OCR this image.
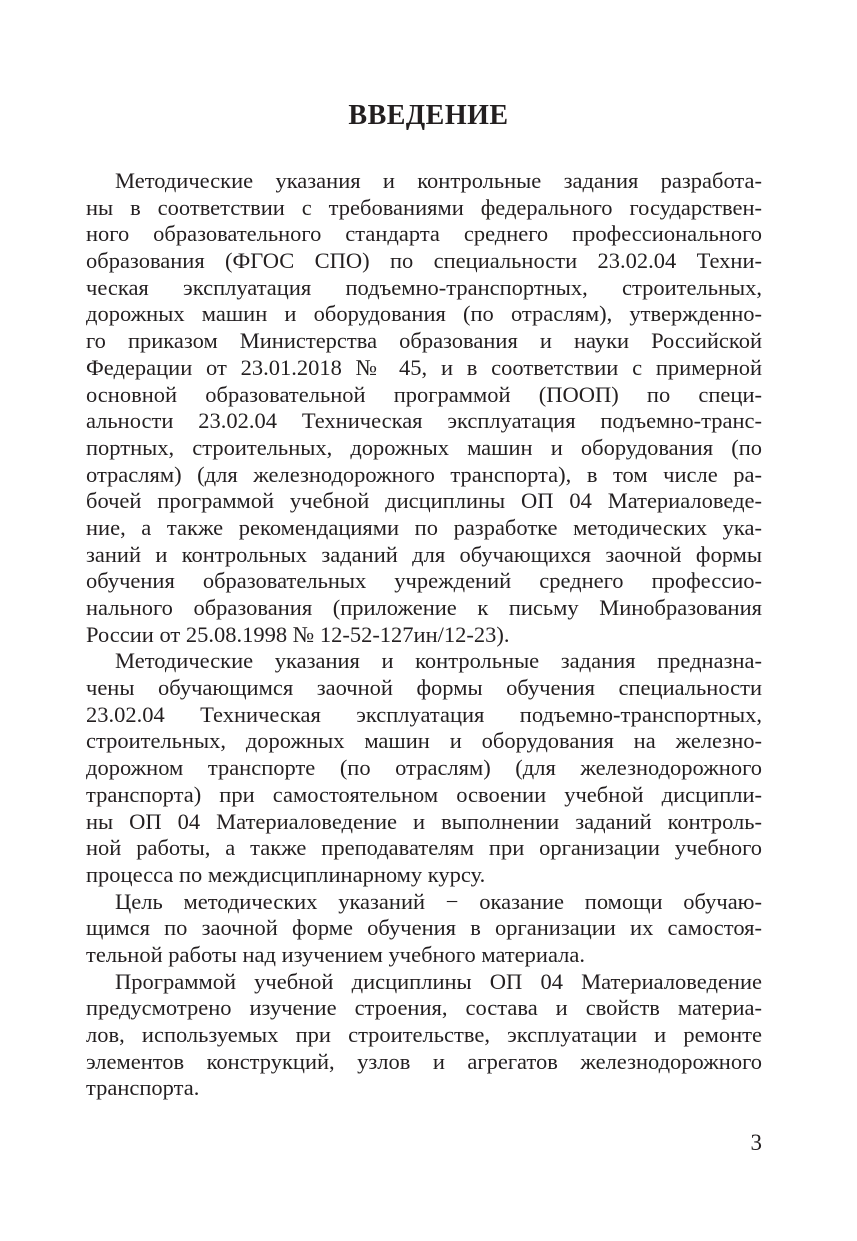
ВВЕДЕНИЕ
Методические указания и контрольные задания разработа-
ны в соответствии с требованиями федерального государствен-
ного образовательного стандарта среднего профессионального
образования (ФГОС СПО) по специальности 23.02.04 Техни-
ческая эксплуатация подъемно-транспортных, строительных,
дорожных машин и оборудования (по отраслям), утвержденно-
го приказом Министерства образования и науки Российской
Федерации от 23.01.2018 № 45, и в соответствии с примерной
основной образовательной программой (ПООП) по специ-
альности 23.02.04 Техническая эксплуатация подъемно-транс-
портных, строительных, дорожных машин и оборудования (по
отраслям) (для железнодорожного транспорта), в том числе ра-
бочей программой учебной дисциплины ОП 04 Материаловеде-
ние, а также рекомендациями по разработке методических ука-
заний и контрольных заданий для обучающихся заочной формы
обучения образовательных учреждений среднего профессио-
нального образования (приложение к письму Минобразования
России от 25.08.1998 № 12-52-127ин/12-23).
Методические указания и контрольные задания предназна-
чены обучающимся заочной формы обучения специальности
23.02.04 Техническая эксплуатация подъемно-транспортных,
строительных, дорожных машин и оборудования на железно-
дорожном транспорте (по отраслям) (для железнодорожного
транспорта) при самостоятельном освоении учебной дисципли-
ны ОП 04 Материаловедение и выполнении заданий контроль-
ной работы, а также преподавателям при организации учебного
процесса по междисциплинарному курсу.
Цель методических указаний − оказание помощи обучаю-
щимся по заочной форме обучения в организации их самостоя-
тельной работы над изучением учебного материала.
Программой учебной дисциплины ОП 04 Материаловедение
предусмотрено изучение строения, состава и свойств материа-
лов, используемых при строительстве, эксплуатации и ремонте
элементов конструкций, узлов и агрегатов железнодорожного
транспорта.
3
